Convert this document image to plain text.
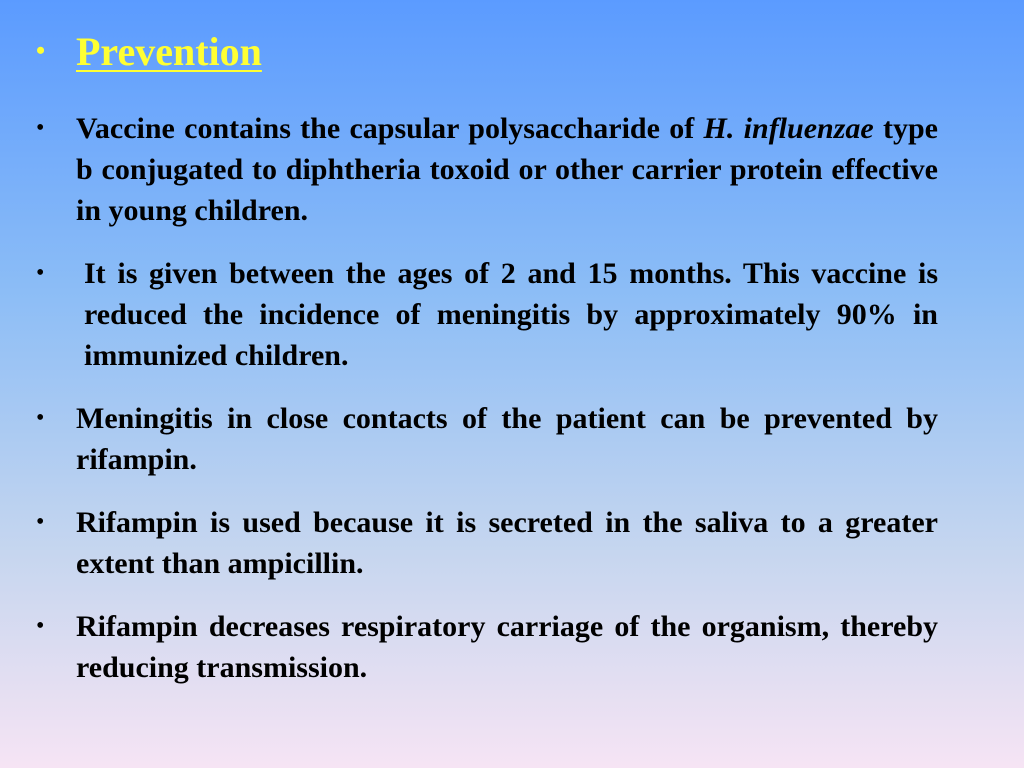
• Prevention
•	Vaccine contains the capsular polysaccharide of H. influenzae type b conjugated to diphtheria toxoid or other carrier protein effective in young children.
•	It is given between the ages of 2 and 15 months. This vaccine is reduced the incidence of meningitis by approximately 90% in immunized children.
•	Meningitis in close contacts of the patient can be prevented by rifampin.
•	Rifampin is used because it is secreted in the saliva to a greater extent than ampicillin.
•	Rifampin decreases respiratory carriage of the organism, thereby reducing transmission.
